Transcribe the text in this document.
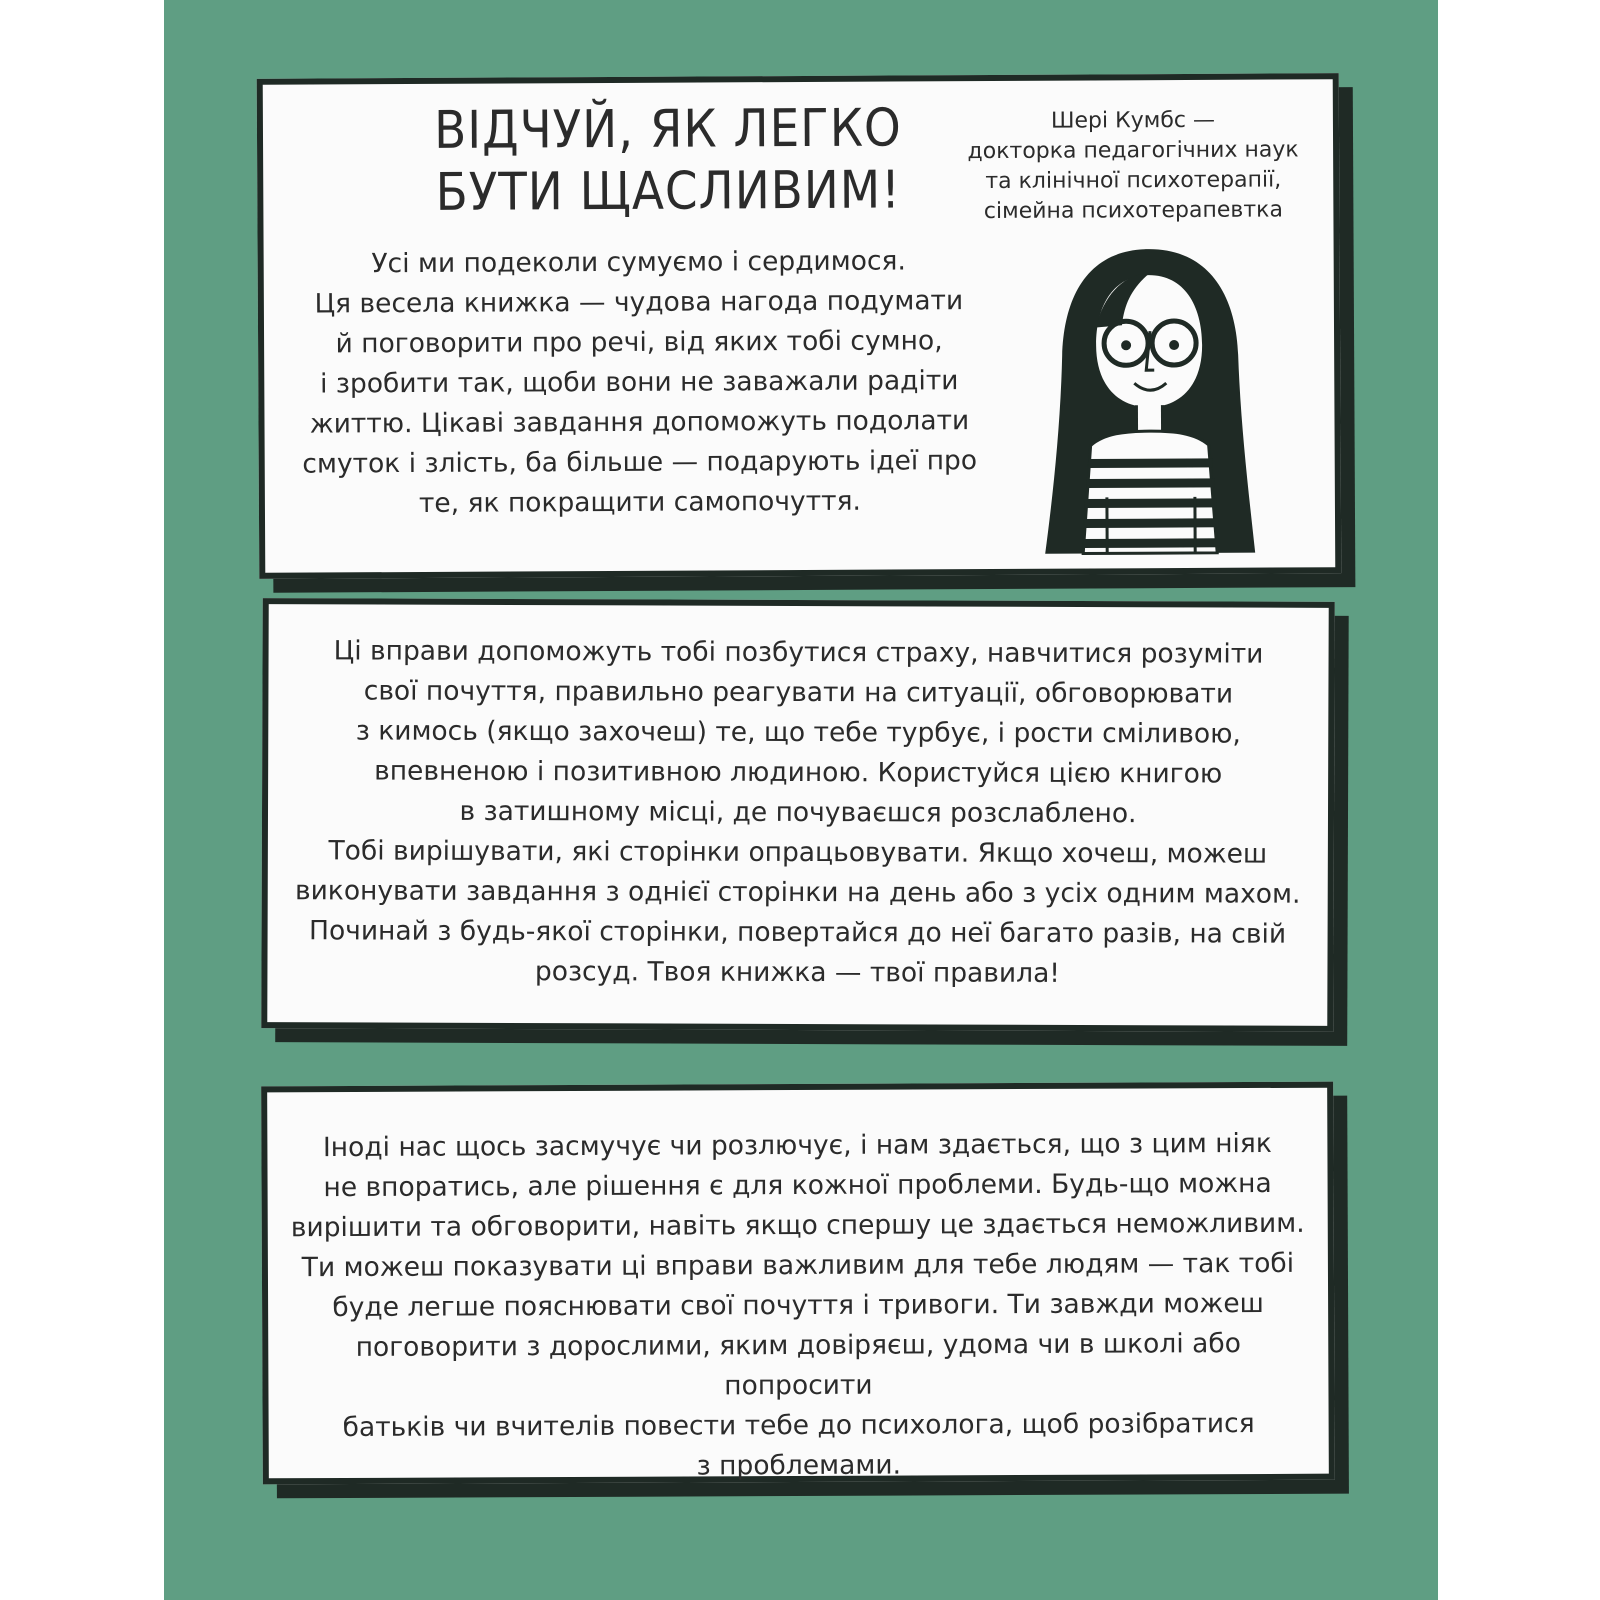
ВІДЧУЙ, ЯК ЛЕГКО
БУТИ ЩАСЛИВИМ!
Шері Кумбс —
докторка педагогічних наук
та клінічної психотерапії,
сімейна психотерапевтка
Усі ми подеколи сумуємо і сердимося.
Ця весела книжка — чудова нагода подумати
й поговорити про речі, від яких тобі сумно,
і зробити так, щоби вони не заважали радіти
життю. Цікаві завдання допоможуть подолати
смуток і злість, ба більше — подарують ідеї про
те, як покращити самопочуття.
Ці вправи допоможуть тобі позбутися страху, навчитися розуміти
свої почуття, правильно реагувати на ситуації, обговорювати
з кимось (якщо захочеш) те, що тебе турбує, і рости сміливою,
впевненою і позитивною людиною. Користуйся цією книгою
в затишному місці, де почуваєшся розслаблено.
Тобі вирішувати, які сторінки опрацьовувати. Якщо хочеш, можеш
виконувати завдання з однієї сторінки на день або з усіх одним махом.
Починай з будь-якої сторінки, повертайся до неї багато разів, на свій
розсуд. Твоя книжка — твої правила!
Іноді нас щось засмучує чи розлючує, і нам здається, що з цим ніяк
не впоратись, але рішення є для кожної проблеми. Будь-що можна
вирішити та обговорити, навіть якщо спершу це здається неможливим.
Ти можеш показувати ці вправи важливим для тебе людям — так тобі
буде легше пояснювати свої почуття і тривоги. Ти завжди можеш
поговорити з дорослими, яким довіряєш, удома чи в школі або попросити
батьків чи вчителів повести тебе до психолога, щоб розібратися
з проблемами.
